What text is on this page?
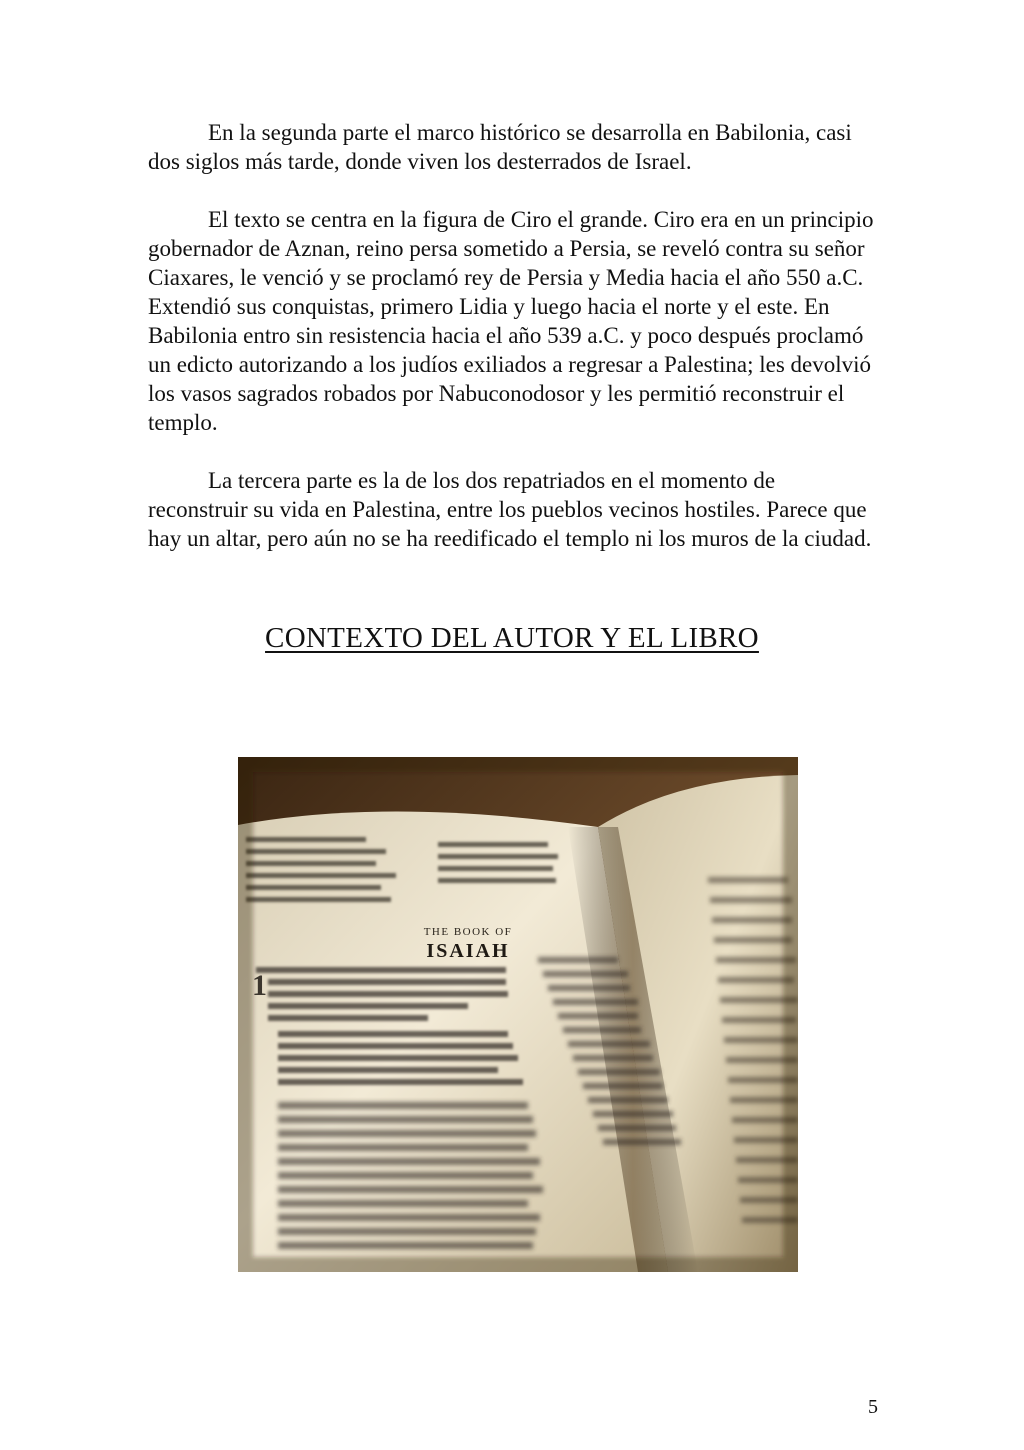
En la segunda parte el marco histórico se desarrolla en Babilonia, casi dos siglos más tarde, donde viven los desterrados de Israel.

El texto se centra en la figura de Ciro el grande. Ciro era en un principio gobernador de Aznan, reino persa sometido a Persia, se reveló contra su señor Ciaxares, le venció y se proclamó rey de Persia y Media hacia el año 550 a.C. Extendió sus conquistas, primero Lidia y luego hacia el norte y el este. En Babilonia entro sin resistencia hacia el año 539 a.C. y poco después proclamó un edicto autorizando a los judíos exiliados a regresar a Palestina; les devolvió los vasos sagrados robados por Nabuconodosor y les permitió reconstruir el templo.

La tercera parte es la de los dos repatriados en el momento de reconstruir su vida en Palestina, entre los pueblos vecinos hostiles. Parece que hay un altar, pero aún no se ha reedificado el templo ni los muros de la ciudad.

CONTEXTO DEL AUTOR Y EL LIBRO
THE BOOK OF
ISAIAH
1
5
